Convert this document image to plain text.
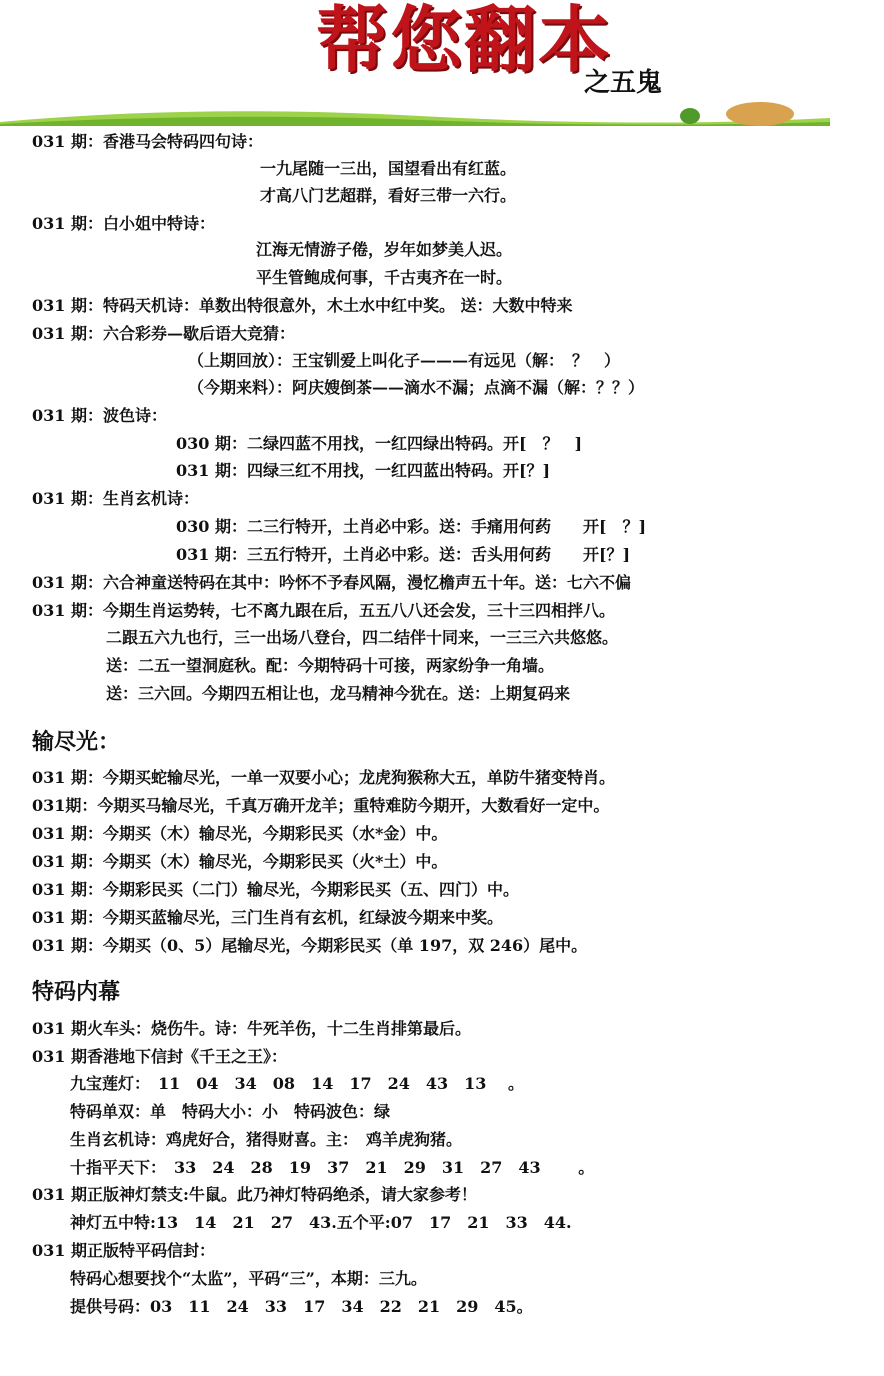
帮您翻本
之五鬼
031 期：香港马会特码四句诗：
一九尾随一三出，国望看出有红蓝。
才高八门艺超群，看好三带一六行。
031 期：白小姐中特诗：
江海无情游子倦，岁年如梦美人迟。
平生管鲍成何事，千古夷齐在一时。
031 期：特码天机诗：单数出特很意外，木土水中红中奖。 送：大数中特来
031 期：六合彩券—歇后语大竞猜：
（上期回放）：王宝钏爱上叫化子———有远见（解：　？　）
（今期来料）：阿庆嫂倒茶——滴水不漏；点滴不漏（解：？？）
031 期：波色诗：
030 期：二绿四蓝不用找，一红四绿出特码。开[　？　]
031 期：四绿三红不用找，一红四蓝出特码。开[？]
031 期：生肖玄机诗：
030 期：二三行特开，土肖必中彩。送：手痛用何药　　开[　？]
031 期：三五行特开，土肖必中彩。送：舌头用何药　　开[？]
031 期：六合神童送特码在其中：吟怀不予春风隔，漫忆檐声五十年。送：七六不偏
031 期：今期生肖运势转，七不离九跟在后，五五八八还会发，三十三四相拌八。
二跟五六九也行，三一出场八登台，四二结伴十同来，一三三六共悠悠。
送：二五一望洞庭秋。配：今期特码十可接，两家纷争一角墙。
送：三六回。今期四五相让也，龙马精神今犹在。送：上期复码来
输尽光：
031 期：今期买蛇输尽光，一单一双要小心；龙虎狗猴称大五，单防牛猪变特肖。
031期：今期买马输尽光，千真万确开龙羊；重特难防今期开，大数看好一定中。
031 期：今期买（木）输尽光，今期彩民买（水*金）中。
031 期：今期买（木）输尽光，今期彩民买（火*土）中。
031 期：今期彩民买（二门）输尽光，今期彩民买（五、四门）中。
031 期：今期买蓝输尽光，三门生肖有玄机，红绿波今期来中奖。
031 期：今期买（0、5）尾输尽光，今期彩民买（单 197，双 246）尾中。
特码内幕
031 期火车头：烧伤牛。诗：牛死羊伤，十二生肖排第最后。
031 期香港地下信封《千王之王》：
九宝莲灯：　11　04　34　08　14　17　24　43　13　 。
特码单双：单　特码大小：小　特码波色：绿
生肖玄机诗：鸡虎好合，猪得财喜。主：　鸡羊虎狗猪。
十指平天下：　33　24　28　19　37　21　29　31　27　43　　 。
031 期正版神灯禁支:牛鼠。此乃神灯特码绝杀，请大家参考！
神灯五中特:13　14　21　27　43.五个平:07　17　21　33　44.
031 期正版特平码信封：
特码心想要找个“太监”，平码“三”，本期：三九。
提供号码：03　11　24　33　17　34　22　21　29　45。
